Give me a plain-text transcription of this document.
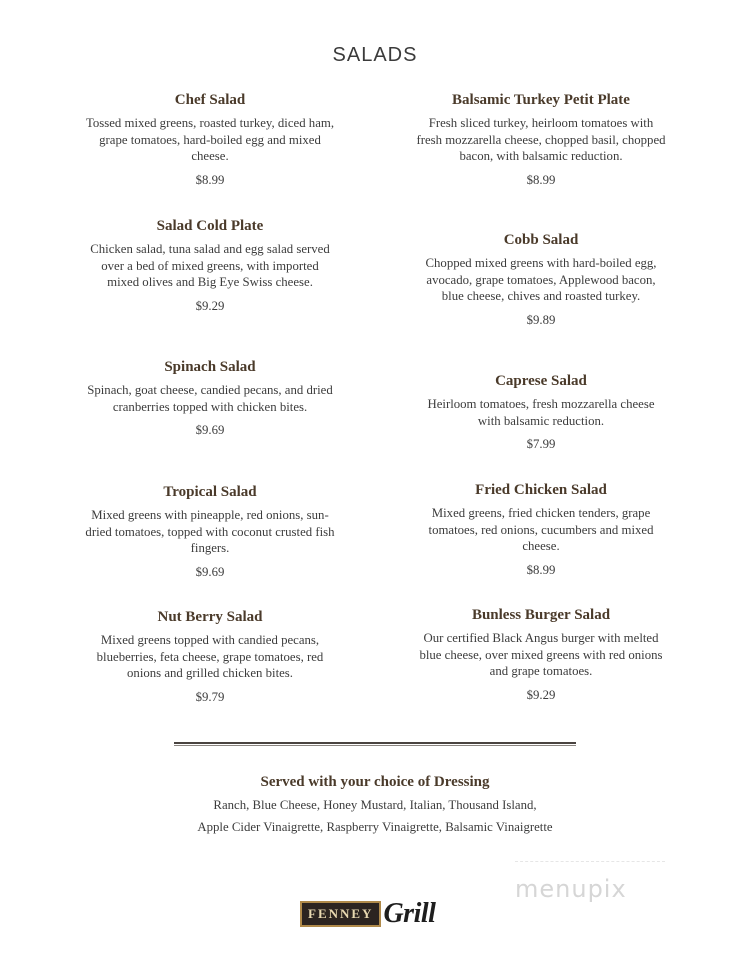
SALADS
Chef Salad
Tossed mixed greens, roasted turkey, diced ham, grape tomatoes, hard-boiled egg and mixed cheese.
$8.99
Salad Cold Plate
Chicken salad, tuna salad and egg salad served over a bed of mixed greens, with imported mixed olives and Big Eye Swiss cheese.
$9.29
Spinach Salad
Spinach, goat cheese, candied pecans, and dried cranberries topped with chicken bites.
$9.69
Tropical Salad
Mixed greens with pineapple, red onions, sun-dried tomatoes, topped with coconut crusted fish fingers.
$9.69
Nut Berry Salad
Mixed greens topped with candied pecans, blueberries, feta cheese, grape tomatoes, red onions and grilled chicken bites.
$9.79
Balsamic Turkey Petit Plate
Fresh sliced turkey, heirloom tomatoes with fresh mozzarella cheese, chopped basil, chopped bacon, with balsamic reduction.
$8.99
Cobb Salad
Chopped mixed greens with hard-boiled egg, avocado, grape tomatoes, Applewood bacon, blue cheese, chives and roasted turkey.
$9.89
Caprese Salad
Heirloom tomatoes, fresh mozzarella cheese with balsamic reduction.
$7.99
Fried Chicken Salad
Mixed greens, fried chicken tenders, grape tomatoes, red onions, cucumbers and mixed cheese.
$8.99
Bunless Burger Salad
Our certified Black Angus burger with melted blue cheese, over mixed greens with red onions and grape tomatoes.
$9.29
Served with your choice of Dressing
Ranch, Blue Cheese, Honey Mustard, Italian, Thousand Island,
Apple Cider Vinaigrette, Raspberry Vinaigrette, Balsamic Vinaigrette
menupix
FENNEY Grill
